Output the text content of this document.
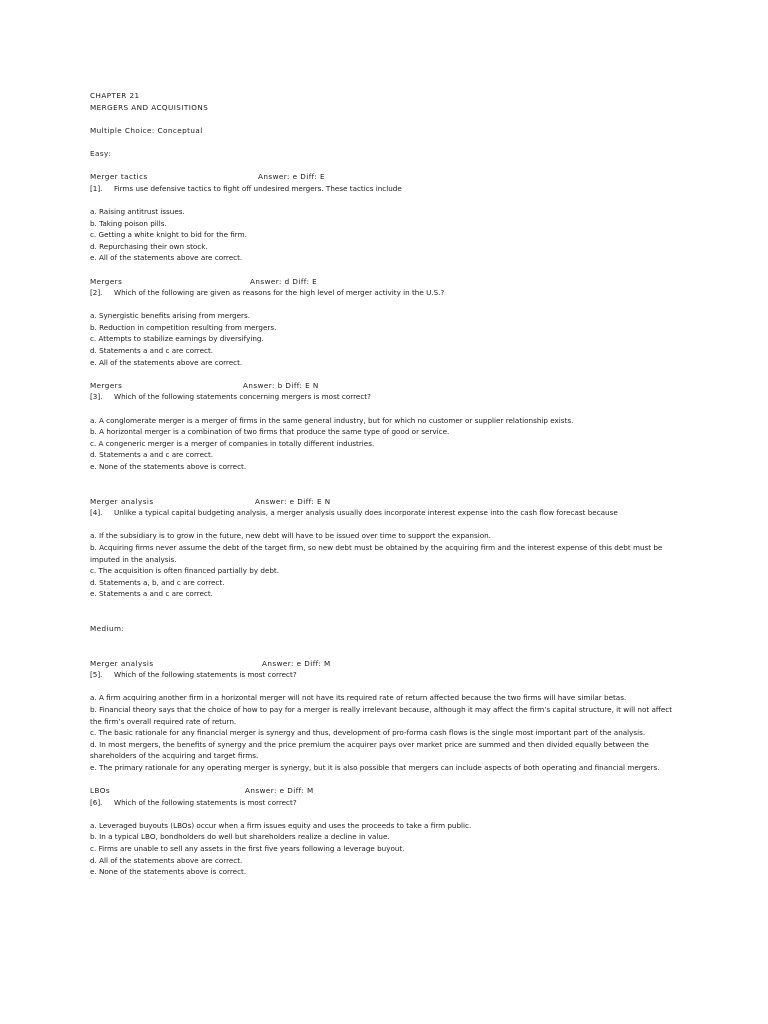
CHAPTER 21
MERGERS AND ACQUISITIONS
Multiple Choice: Conceptual
Easy:
Merger tactics	Answer: e Diff: E
[1]. Firms use defensive tactics to fight off undesired mergers. These tactics include
a. Raising antitrust issues.
b. Taking poison pills.
c. Getting a white knight to bid for the firm.
d. Repurchasing their own stock.
e. All of the statements above are correct.
Mergers	Answer: d Diff: E
[2]. Which of the following are given as reasons for the high level of merger activity in the U.S.?
a. Synergistic benefits arising from mergers.
b. Reduction in competition resulting from mergers.
c. Attempts to stabilize earnings by diversifying.
d. Statements a and c are correct.
e. All of the statements above are correct.
Mergers	Answer: b Diff: E N
[3]. Which of the following statements concerning mergers is most correct?
a. A conglomerate merger is a merger of firms in the same general industry, but for which no customer or supplier relationship exists.
b. A horizontal merger is a combination of two firms that produce the same type of good or service.
c. A congeneric merger is a merger of companies in totally different industries.
d. Statements a and c are correct.
e. None of the statements above is correct.
Merger analysis	Answer: e Diff: E N
[4]. Unlike a typical capital budgeting analysis, a merger analysis usually does incorporate interest expense into the cash flow forecast because
a. If the subsidiary is to grow in the future, new debt will have to be issued over time to support the expansion.
b. Acquiring firms never assume the debt of the target firm, so new debt must be obtained by the acquiring firm and the interest expense of this debt must be imputed in the analysis.
c. The acquisition is often financed partially by debt.
d. Statements a, b, and c are correct.
e. Statements a and c are correct.
Medium:
Merger analysis	Answer: e Diff: M
[5]. Which of the following statements is most correct?
a. A firm acquiring another firm in a horizontal merger will not have its required rate of return affected because the two firms will have similar betas.
b. Financial theory says that the choice of how to pay for a merger is really irrelevant because, although it may affect the firm’s capital structure, it will not affect the firm’s overall required rate of return.
c. The basic rationale for any financial merger is synergy and thus, development of pro-forma cash flows is the single most important part of the analysis.
d. In most mergers, the benefits of synergy and the price premium the acquirer pays over market price are summed and then divided equally between the shareholders of the acquiring and target firms.
e. The primary rationale for any operating merger is synergy, but it is also possible that mergers can include aspects of both operating and financial mergers.
LBOs	Answer: e Diff: M
[6]. Which of the following statements is most correct?
a. Leveraged buyouts (LBOs) occur when a firm issues equity and uses the proceeds to take a firm public.
b. In a typical LBO, bondholders do well but shareholders realize a decline in value.
c. Firms are unable to sell any assets in the first five years following a leverage buyout.
d. All of the statements above are correct.
e. None of the statements above is correct.
